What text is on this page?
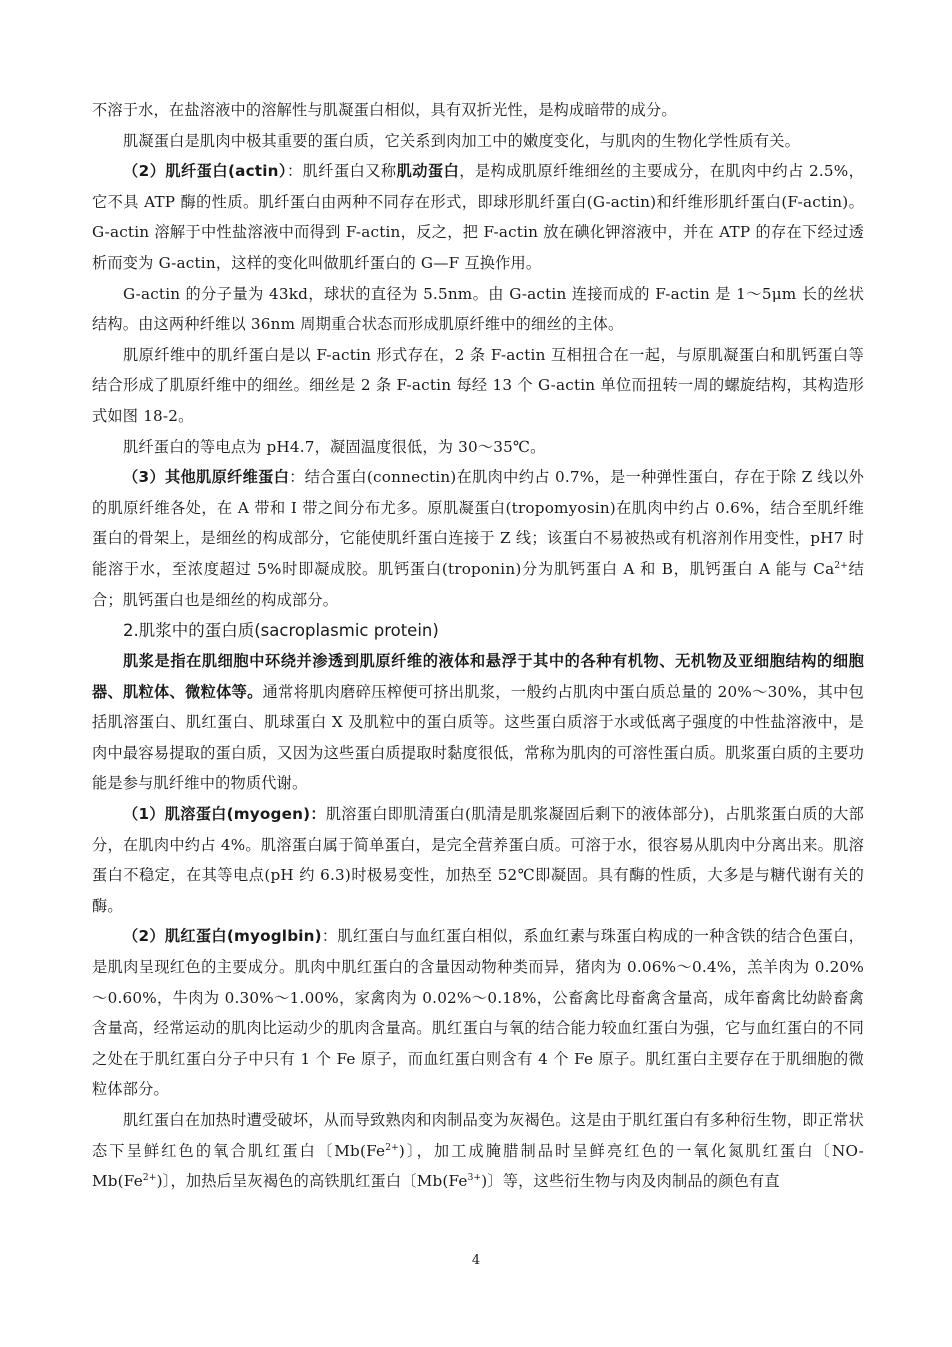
不溶于水，在盐溶液中的溶解性与肌凝蛋白相似，具有双折光性，是构成暗带的成分。

肌凝蛋白是肌肉中极其重要的蛋白质，它关系到肉加工中的嫩度变化，与肌肉的生物化学性质有关。

（2）肌纤蛋白(actin）：肌纤蛋白又称肌动蛋白，是构成肌原纤维细丝的主要成分，在肌肉中约占 2.5%，它不具 ATP 酶的性质。肌纤蛋白由两种不同存在形式，即球形肌纤蛋白(G-actin)和纤维形肌纤蛋白(F-actin)。G-actin 溶解于中性盐溶液中而得到 F-actin，反之，把 F-actin 放在碘化钾溶液中，并在 ATP 的存在下经过透析而变为 G-actin，这样的变化叫做肌纤蛋白的 G—F 互换作用。

G-actin 的分子量为 43kd，球状的直径为 5.5nm。由 G-actin 连接而成的 F-actin 是 1～5μm 长的丝状结构。由这两种纤维以 36nm 周期重合状态而形成肌原纤维中的细丝的主体。

肌原纤维中的肌纤蛋白是以 F-actin 形式存在，2 条 F-actin 互相扭合在一起，与原肌凝蛋白和肌钙蛋白等结合形成了肌原纤维中的细丝。细丝是 2 条 F-actin 每经 13 个 G-actin 单位而扭转一周的螺旋结构，其构造形式如图 18-2。

肌纤蛋白的等电点为 pH4.7，凝固温度很低，为 30～35℃。

（3）其他肌原纤维蛋白：结合蛋白(connectin)在肌肉中约占 0.7%，是一种弹性蛋白，存在于除 Z 线以外的肌原纤维各处，在 A 带和 I 带之间分布尤多。原肌凝蛋白(tropomyosin)在肌肉中约占 0.6%，结合至肌纤维蛋白的骨架上，是细丝的构成部分，它能使肌纤蛋白连接于 Z 线；该蛋白不易被热或有机溶剂作用变性，pH7 时能溶于水，至浓度超过 5%时即凝成胶。肌钙蛋白(troponin)分为肌钙蛋白 A 和 B，肌钙蛋白 A 能与 $Ca^{2+}$结合；肌钙蛋白也是细丝的构成部分。

2.肌浆中的蛋白质(sacroplasmic protein)

肌浆是指在肌细胞中环绕并渗透到肌原纤维的液体和悬浮于其中的各种有机物、无机物及亚细胞结构的细胞器、肌粒体、微粒体等。通常将肌肉磨碎压榨便可挤出肌浆，一般约占肌肉中蛋白质总量的 20%～30%，其中包括肌溶蛋白、肌红蛋白、肌球蛋白 X 及肌粒中的蛋白质等。这些蛋白质溶于水或低离子强度的中性盐溶液中，是肉中最容易提取的蛋白质，又因为这些蛋白质提取时黏度很低，常称为肌肉的可溶性蛋白质。肌浆蛋白质的主要功能是参与肌纤维中的物质代谢。

（1）肌溶蛋白(myogen)：肌溶蛋白即肌清蛋白(肌清是肌浆凝固后剩下的液体部分)，占肌浆蛋白质的大部分，在肌肉中约占 4%。肌溶蛋白属于简单蛋白，是完全营养蛋白质。可溶于水，很容易从肌肉中分离出来。肌溶蛋白不稳定，在其等电点(pH 约 6.3)时极易变性，加热至 52℃即凝固。具有酶的性质，大多是与糖代谢有关的酶。

（2）肌红蛋白(myoglbin)：肌红蛋白与血红蛋白相似，系血红素与珠蛋白构成的一种含铁的结合色蛋白，是肌肉呈现红色的主要成分。肌肉中肌红蛋白的含量因动物种类而异，猪肉为 0.06%～0.4%，羔羊肉为 0.20%～0.60%，牛肉为 0.30%～1.00%，家禽肉为 0.02%～0.18%，公畜禽比母畜禽含量高，成年畜禽比幼龄畜禽含量高，经常运动的肌肉比运动少的肌肉含量高。肌红蛋白与氧的结合能力较血红蛋白为强，它与血红蛋白的不同之处在于肌红蛋白分子中只有 1 个 Fe 原子，而血红蛋白则含有 4 个 Fe 原子。肌红蛋白主要存在于肌细胞的微粒体部分。

肌红蛋白在加热时遭受破坏，从而导致熟肉和肉制品变为灰褐色。这是由于肌红蛋白有多种衍生物，即正常状态下呈鲜红色的氧合肌红蛋白〔$Mb(Fe^{2+})$〕，加工成腌腊制品时呈鲜亮红色的一氧化氮肌红蛋白〔$NO-Mb(Fe^{2+})$〕，加热后呈灰褐色的高铁肌红蛋白〔$Mb(Fe^{3+})$〕等，这些衍生物与肉及肉制品的颜色有直

4
